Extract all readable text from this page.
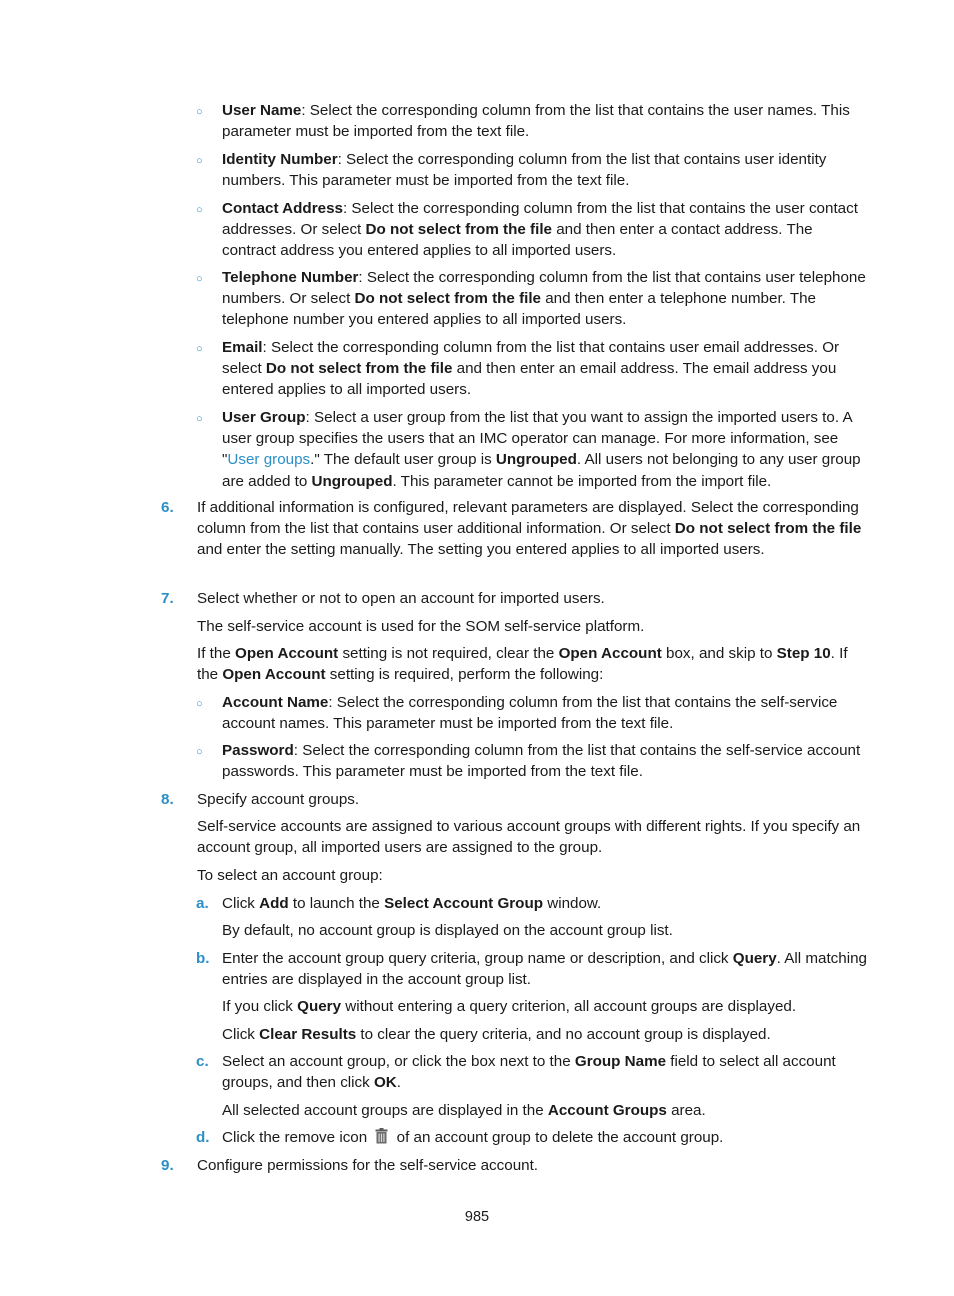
○	User Name: Select the corresponding column from the list that contains the user names. This parameter must be imported from the text file.
○	Identity Number: Select the corresponding column from the list that contains user identity numbers. This parameter must be imported from the text file.
○	Contact Address: Select the corresponding column from the list that contains the user contact addresses. Or select Do not select from the file and then enter a contact address. The contract address you entered applies to all imported users.
○	Telephone Number: Select the corresponding column from the list that contains user telephone numbers. Or select Do not select from the file and then enter a telephone number. The telephone number you entered applies to all imported users.
○	Email: Select the corresponding column from the list that contains user email addresses. Or select Do not select from the file and then enter an email address. The email address you entered applies to all imported users.
○	User Group: Select a user group from the list that you want to assign the imported users to. A user group specifies the users that an IMC operator can manage. For more information, see "User groups." The default user group is Ungrouped. All users not belonging to any user group are added to Ungrouped. This parameter cannot be imported from the import file.
6. If additional information is configured, relevant parameters are displayed. Select the corresponding column from the list that contains user additional information. Or select Do not select from the file and enter the setting manually. The setting you entered applies to all imported users.
7. Select whether or not to open an account for imported users.
The self-service account is used for the SOM self-service platform.
If the Open Account setting is not required, clear the Open Account box, and skip to Step 10. If the Open Account setting is required, perform the following:
○	Account Name: Select the corresponding column from the list that contains the self-service account names. This parameter must be imported from the text file.
○	Password: Select the corresponding column from the list that contains the self-service account passwords. This parameter must be imported from the text file.
8. Specify account groups.
Self-service accounts are assigned to various account groups with different rights. If you specify an account group, all imported users are assigned to the group.
To select an account group:
a. Click Add to launch the Select Account Group window.
By default, no account group is displayed on the account group list.
b. Enter the account group query criteria, group name or description, and click Query. All matching entries are displayed in the account group list.
If you click Query without entering a query criterion, all account groups are displayed.
Click Clear Results to clear the query criteria, and no account group is displayed.
c. Select an account group, or click the box next to the Group Name field to select all account groups, and then click OK.
All selected account groups are displayed in the Account Groups area.
d. Click the remove icon  of an account group to delete the account group.
9. Configure permissions for the self-service account.
985
